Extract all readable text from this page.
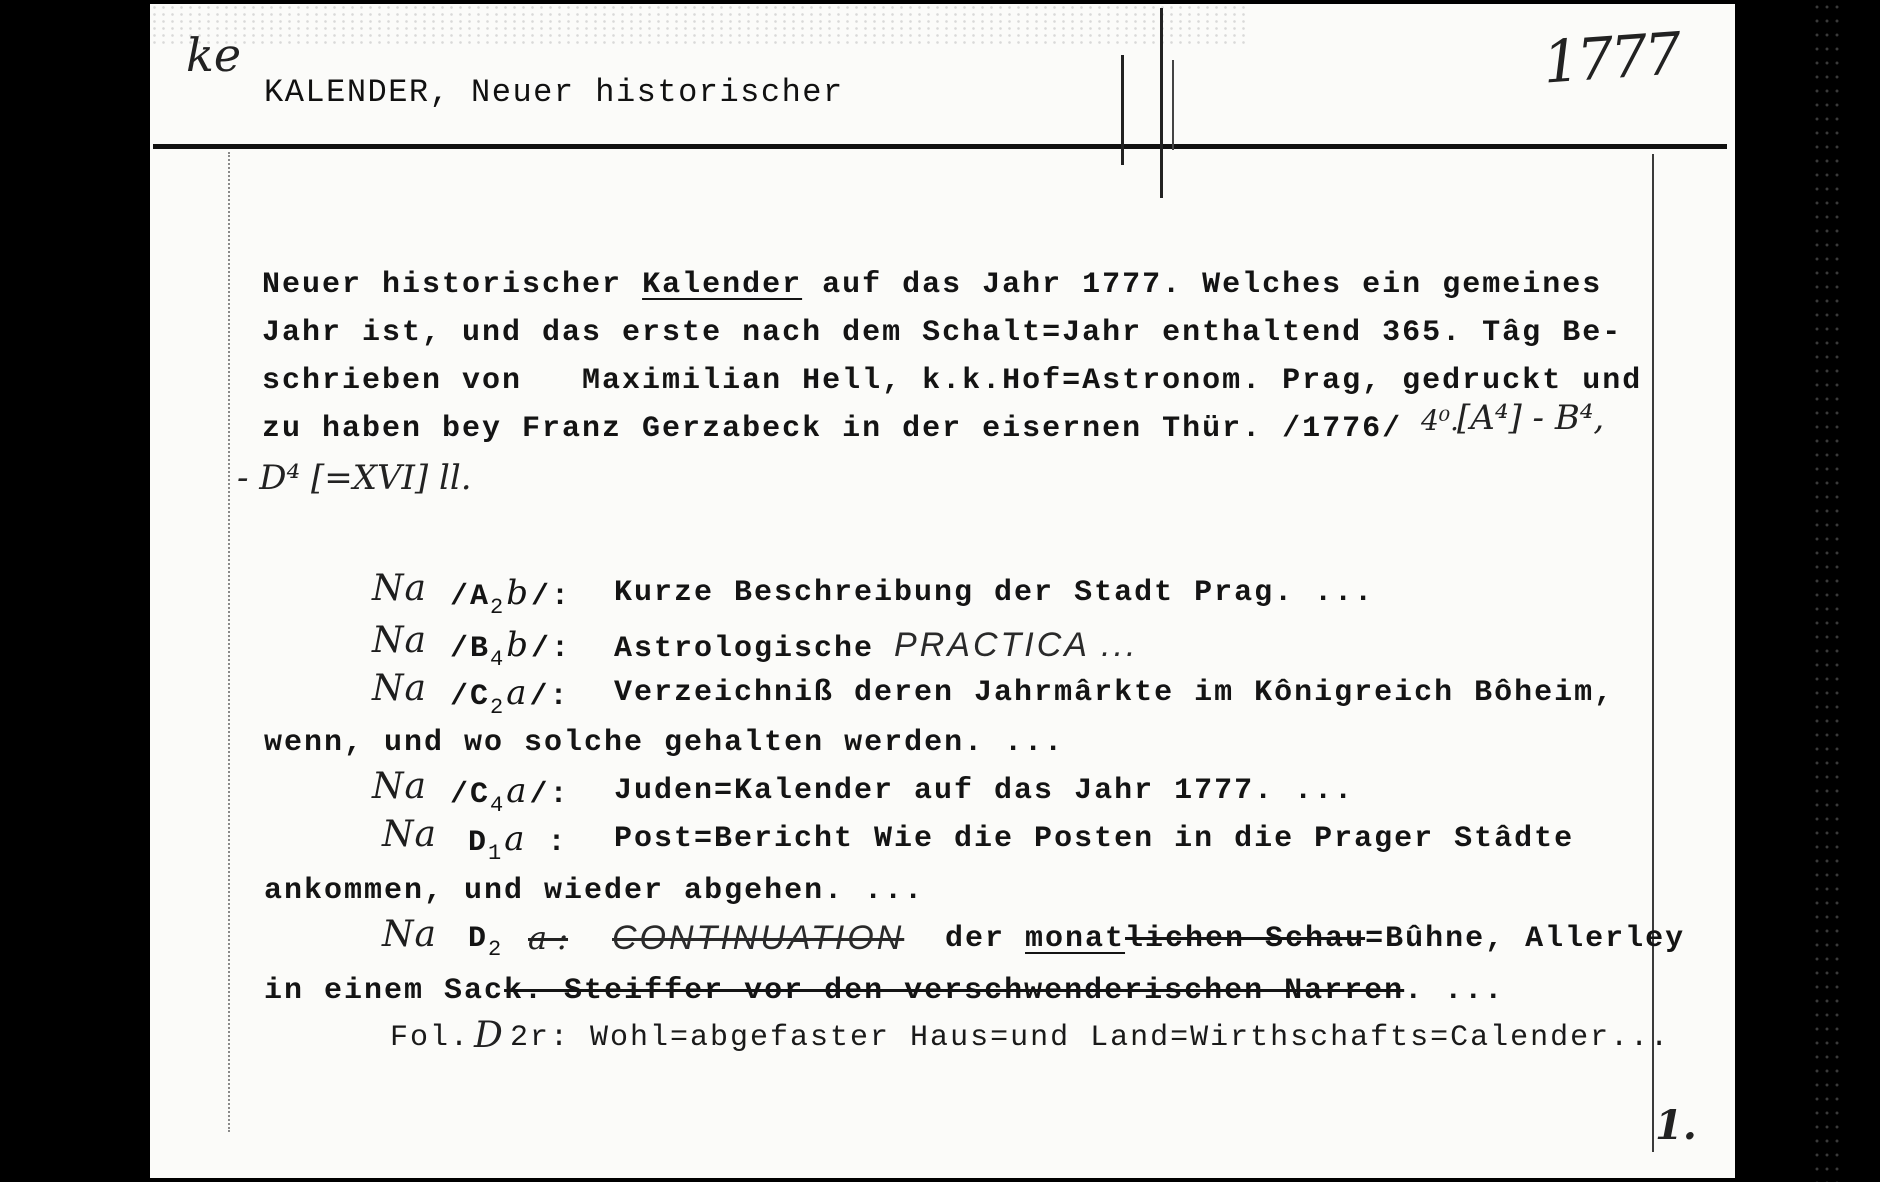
ke
KALENDER, Neuer historischer	1777
Neuer historischer Kalender auf das Jahr 1777. Welches ein gemeines
Jahr ist, und das erste nach dem Schalt=Jahr enthaltend 365. Tâg Be-
schrieben von   Maximilian Hell, k.k.Hof=Astronom. Prag, gedruckt und
zu haben bey Franz Gerzabeck in der eisernen Thür. /1776/ 4⁰.
[A⁴] - B⁴,
- D⁴ [=XVI] ll.
Na $/A_2b$ /: Kurze Beschreibung der Stadt Prag. ...
Na $/B_4b$ /: Astrologische PRACTICA ...
Na $/C_2a$ /: Verzeichniß deren Jahrmârkte im Kônigreich Bôheim,
wenn, und wo solche gehalten werden. ...
Na $/C_4a$ /: Juden=Kalender auf das Jahr 1777. ...
Na $D_1a$ : Post=Bericht Wie die Posten in die Prager Stâdte
ankommen, und wieder abgehen. ...
Na $D_2$ a : CONTINUATION der monatlichen Schau=Bûhne, Allerley
in einem Sack. Steiffer vor den verschwenderischen Narren. ...
Fol. D 2r: Wohl=abgefaster Haus=und Land=Wirthschafts=Calender...
1.
